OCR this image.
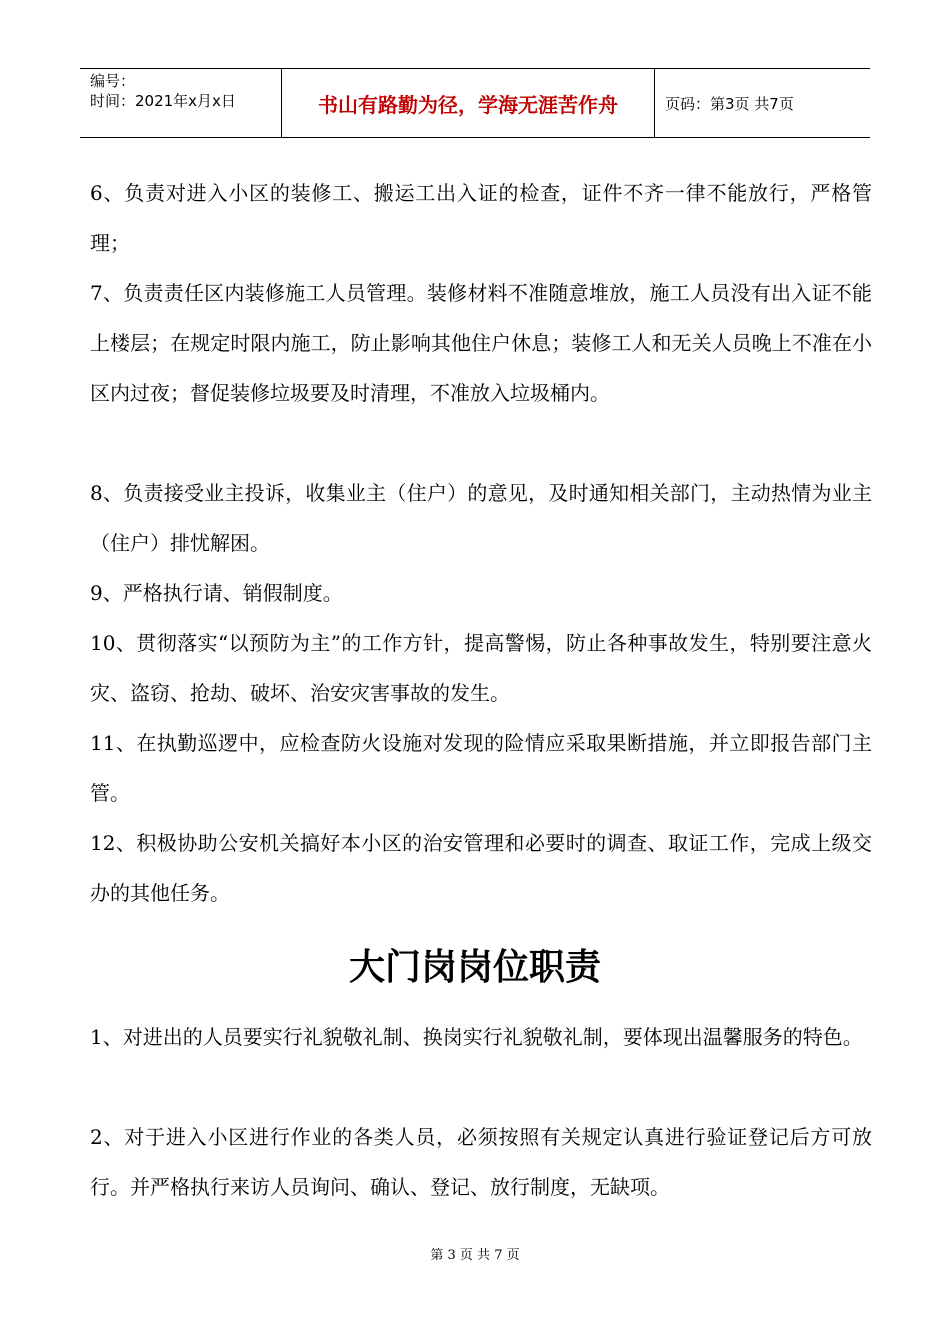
编号：
时间：2021年x月x日	书山有路勤为径，学海无涯苦作舟	页码：第3页 共7页
6、负责对进入小区的装修工、搬运工出入证的检查，证件不齐一律不能放行，严格管理；
7、负责责任区内装修施工人员管理。装修材料不准随意堆放，施工人员没有出入证不能上楼层；在规定时限内施工，防止影响其他住户休息；装修工人和无关人员晚上不准在小区内过夜；督促装修垃圾要及时清理，不准放入垃圾桶内。
8、负责接受业主投诉，收集业主（住户）的意见，及时通知相关部门，主动热情为业主（住户）排忧解困。
9、严格执行请、销假制度。
10、贯彻落实“以预防为主”的工作方针，提高警惕，防止各种事故发生，特别要注意火灾、盗窃、抢劫、破坏、治安灾害事故的发生。
11、在执勤巡逻中，应检查防火设施对发现的险情应采取果断措施，并立即报告部门主管。
12、积极协助公安机关搞好本小区的治安管理和必要时的调查、取证工作，完成上级交办的其他任务。
大门岗岗位职责
1、对进出的人员要实行礼貌敬礼制、换岗实行礼貌敬礼制，要体现出温馨服务的特色。
2、对于进入小区进行作业的各类人员，必须按照有关规定认真进行验证登记后方可放行。并严格执行来访人员询问、确认、登记、放行制度，无缺项。
第 3 页 共 7 页
